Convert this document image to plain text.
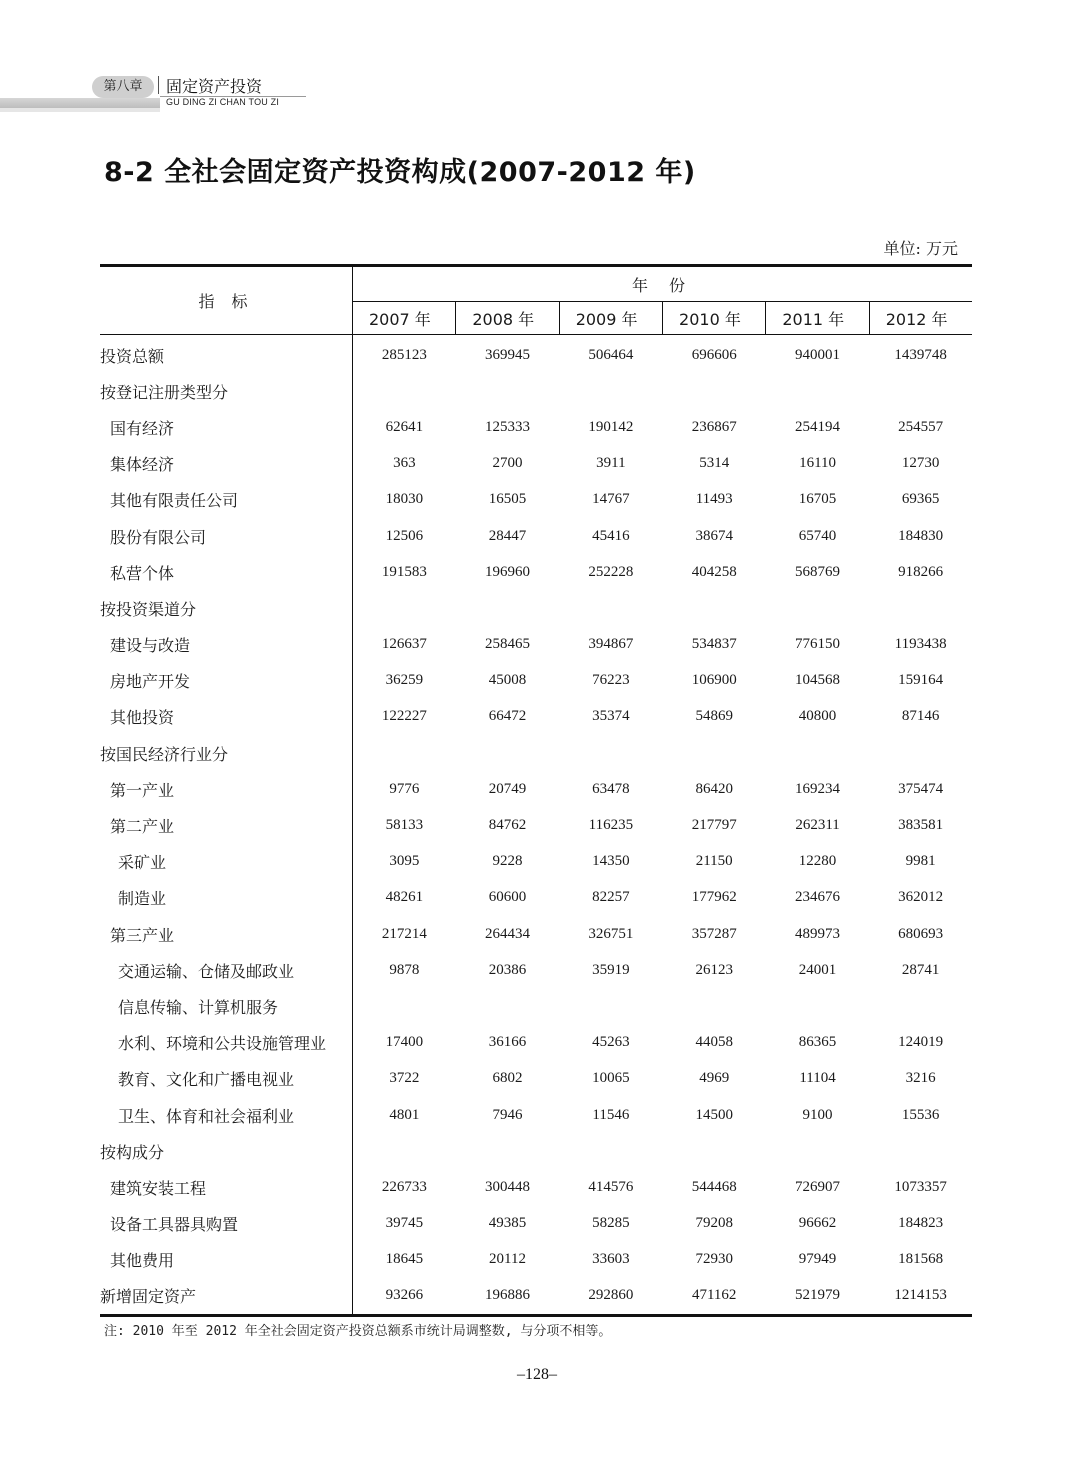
第八章	固定资产投资
GU DING ZI CHAN TOU ZI
8-2 全社会固定资产投资构成(2007-2012 年)
单位: 万元
指 标	年 份					
	2007 年	2008 年	2009 年	2010 年	2011 年	2012 年
投资总额	285123	369945	506464	696606	940001	1439748
按登记注册类型分						
国有经济	62641	125333	190142	236867	254194	254557
集体经济	363	2700	3911	5314	16110	12730
其他有限责任公司	18030	16505	14767	11493	16705	69365
股份有限公司	12506	28447	45416	38674	65740	184830
私营个体	191583	196960	252228	404258	568769	918266
按投资渠道分						
建设与改造	126637	258465	394867	534837	776150	1193438
房地产开发	36259	45008	76223	106900	104568	159164
其他投资	122227	66472	35374	54869	40800	87146
按国民经济行业分						
第一产业	9776	20749	63478	86420	169234	375474
第二产业	58133	84762	116235	217797	262311	383581
采矿业	3095	9228	14350	21150	12280	9981
制造业	48261	60600	82257	177962	234676	362012
第三产业	217214	264434	326751	357287	489973	680693
交通运输、仓储及邮政业	9878	20386	35919	26123	24001	28741
信息传输、计算机服务						
水利、环境和公共设施管理业	17400	36166	45263	44058	86365	124019
教育、文化和广播电视业	3722	6802	10065	4969	11104	3216
卫生、体育和社会福利业	4801	7946	11546	14500	9100	15536
按构成分						
建筑安装工程	226733	300448	414576	544468	726907	1073357
设备工具器具购置	39745	49385	58285	79208	96662	184823
其他费用	18645	20112	33603	72930	97949	181568
新增固定资产	93266	196886	292860	471162	521979	1214153
注: 2010 年至 2012 年全社会固定资产投资总额系市统计局调整数, 与分项不相等。
–128–
